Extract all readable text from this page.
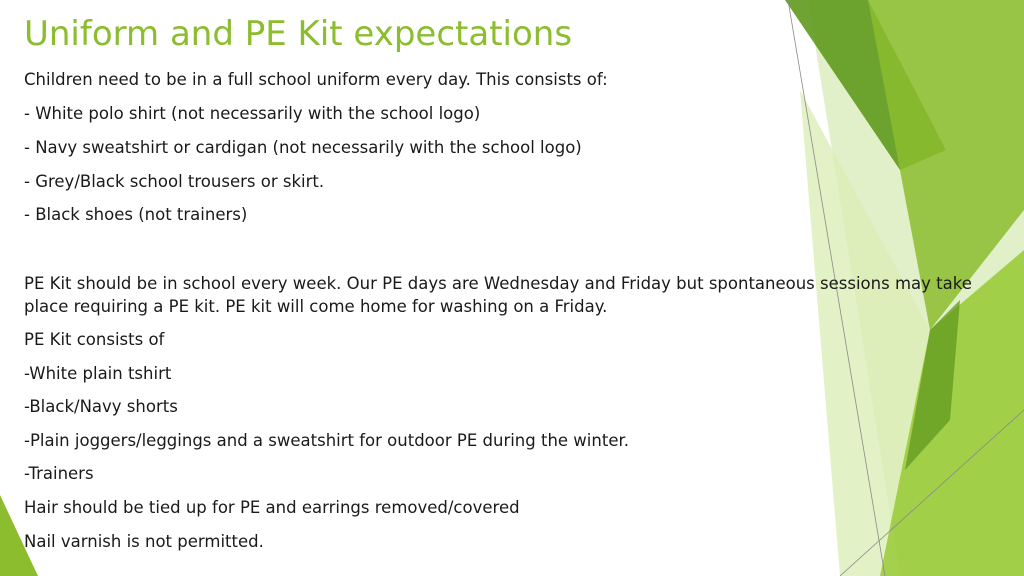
Uniform and PE Kit expectations
Children need to be in a full school uniform every day. This consists of:
- White polo shirt (not necessarily with the school logo)
- Navy sweatshirt or cardigan (not necessarily with the school logo)
- Grey/Black school trousers or skirt.
- Black shoes (not trainers)
PE Kit should be in school every week. Our PE days are Wednesday and Friday but spontaneous sessions may take place requiring a PE kit. PE kit will come home for washing on a Friday.
PE Kit consists of
-White plain tshirt
-Black/Navy shorts
-Plain joggers/leggings and a sweatshirt for outdoor PE during the winter.
-Trainers
Hair should be tied up for PE and earrings removed/covered
Nail varnish is not permitted.
